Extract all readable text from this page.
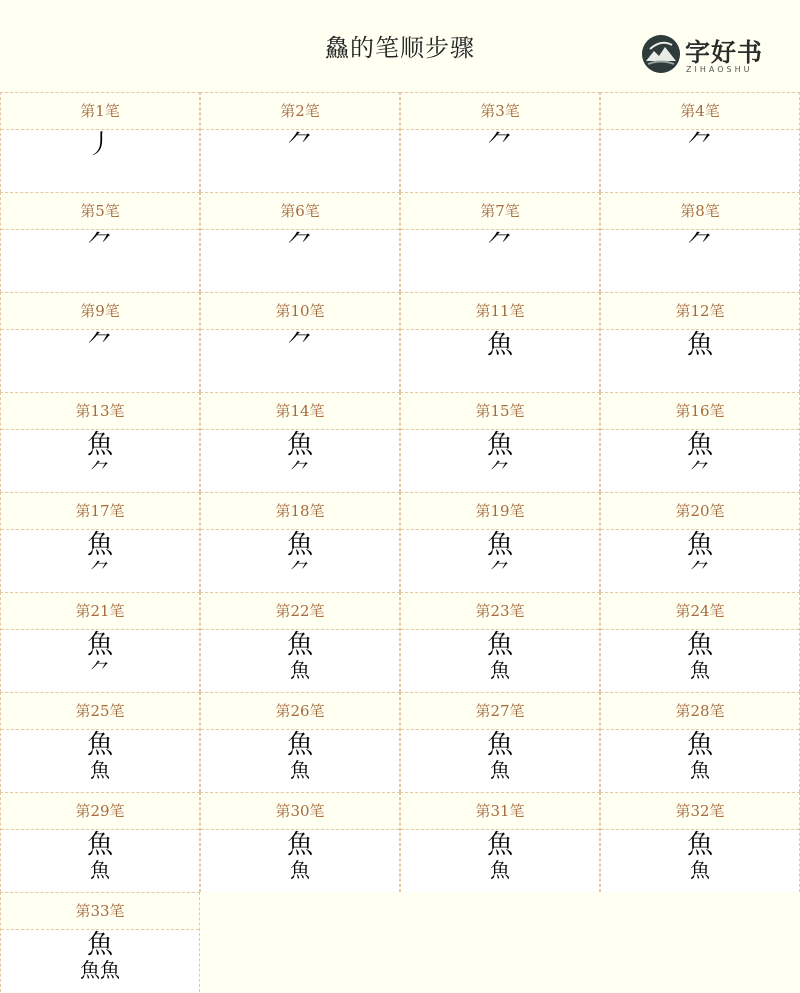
鱻的笔顺步骤	字好书
ZIHAOSHU
第1笔
丿
第2笔
⺈
第3笔
⺈
第4笔
⺈
第5笔
⺈
第6笔
⺈
第7笔
⺈
第8笔
⺈
第9笔
⺈
第10笔
⺈
第11笔
魚
第12笔
魚
第13笔
魚
⺈
第14笔
魚
⺈
第15笔
魚
⺈
第16笔
魚
⺈
第17笔
魚
⺈
第18笔
魚
⺈
第19笔
魚
⺈
第20笔
魚
⺈
第21笔
魚
⺈
第22笔
魚
魚
第23笔
魚
魚
第24笔
魚
魚
第25笔
魚
魚
第26笔
魚
魚
第27笔
魚
魚
第28笔
魚
魚
第29笔
魚
魚
第30笔
魚
魚
第31笔
魚
魚
第32笔
魚
魚
第33笔
魚
魚魚
